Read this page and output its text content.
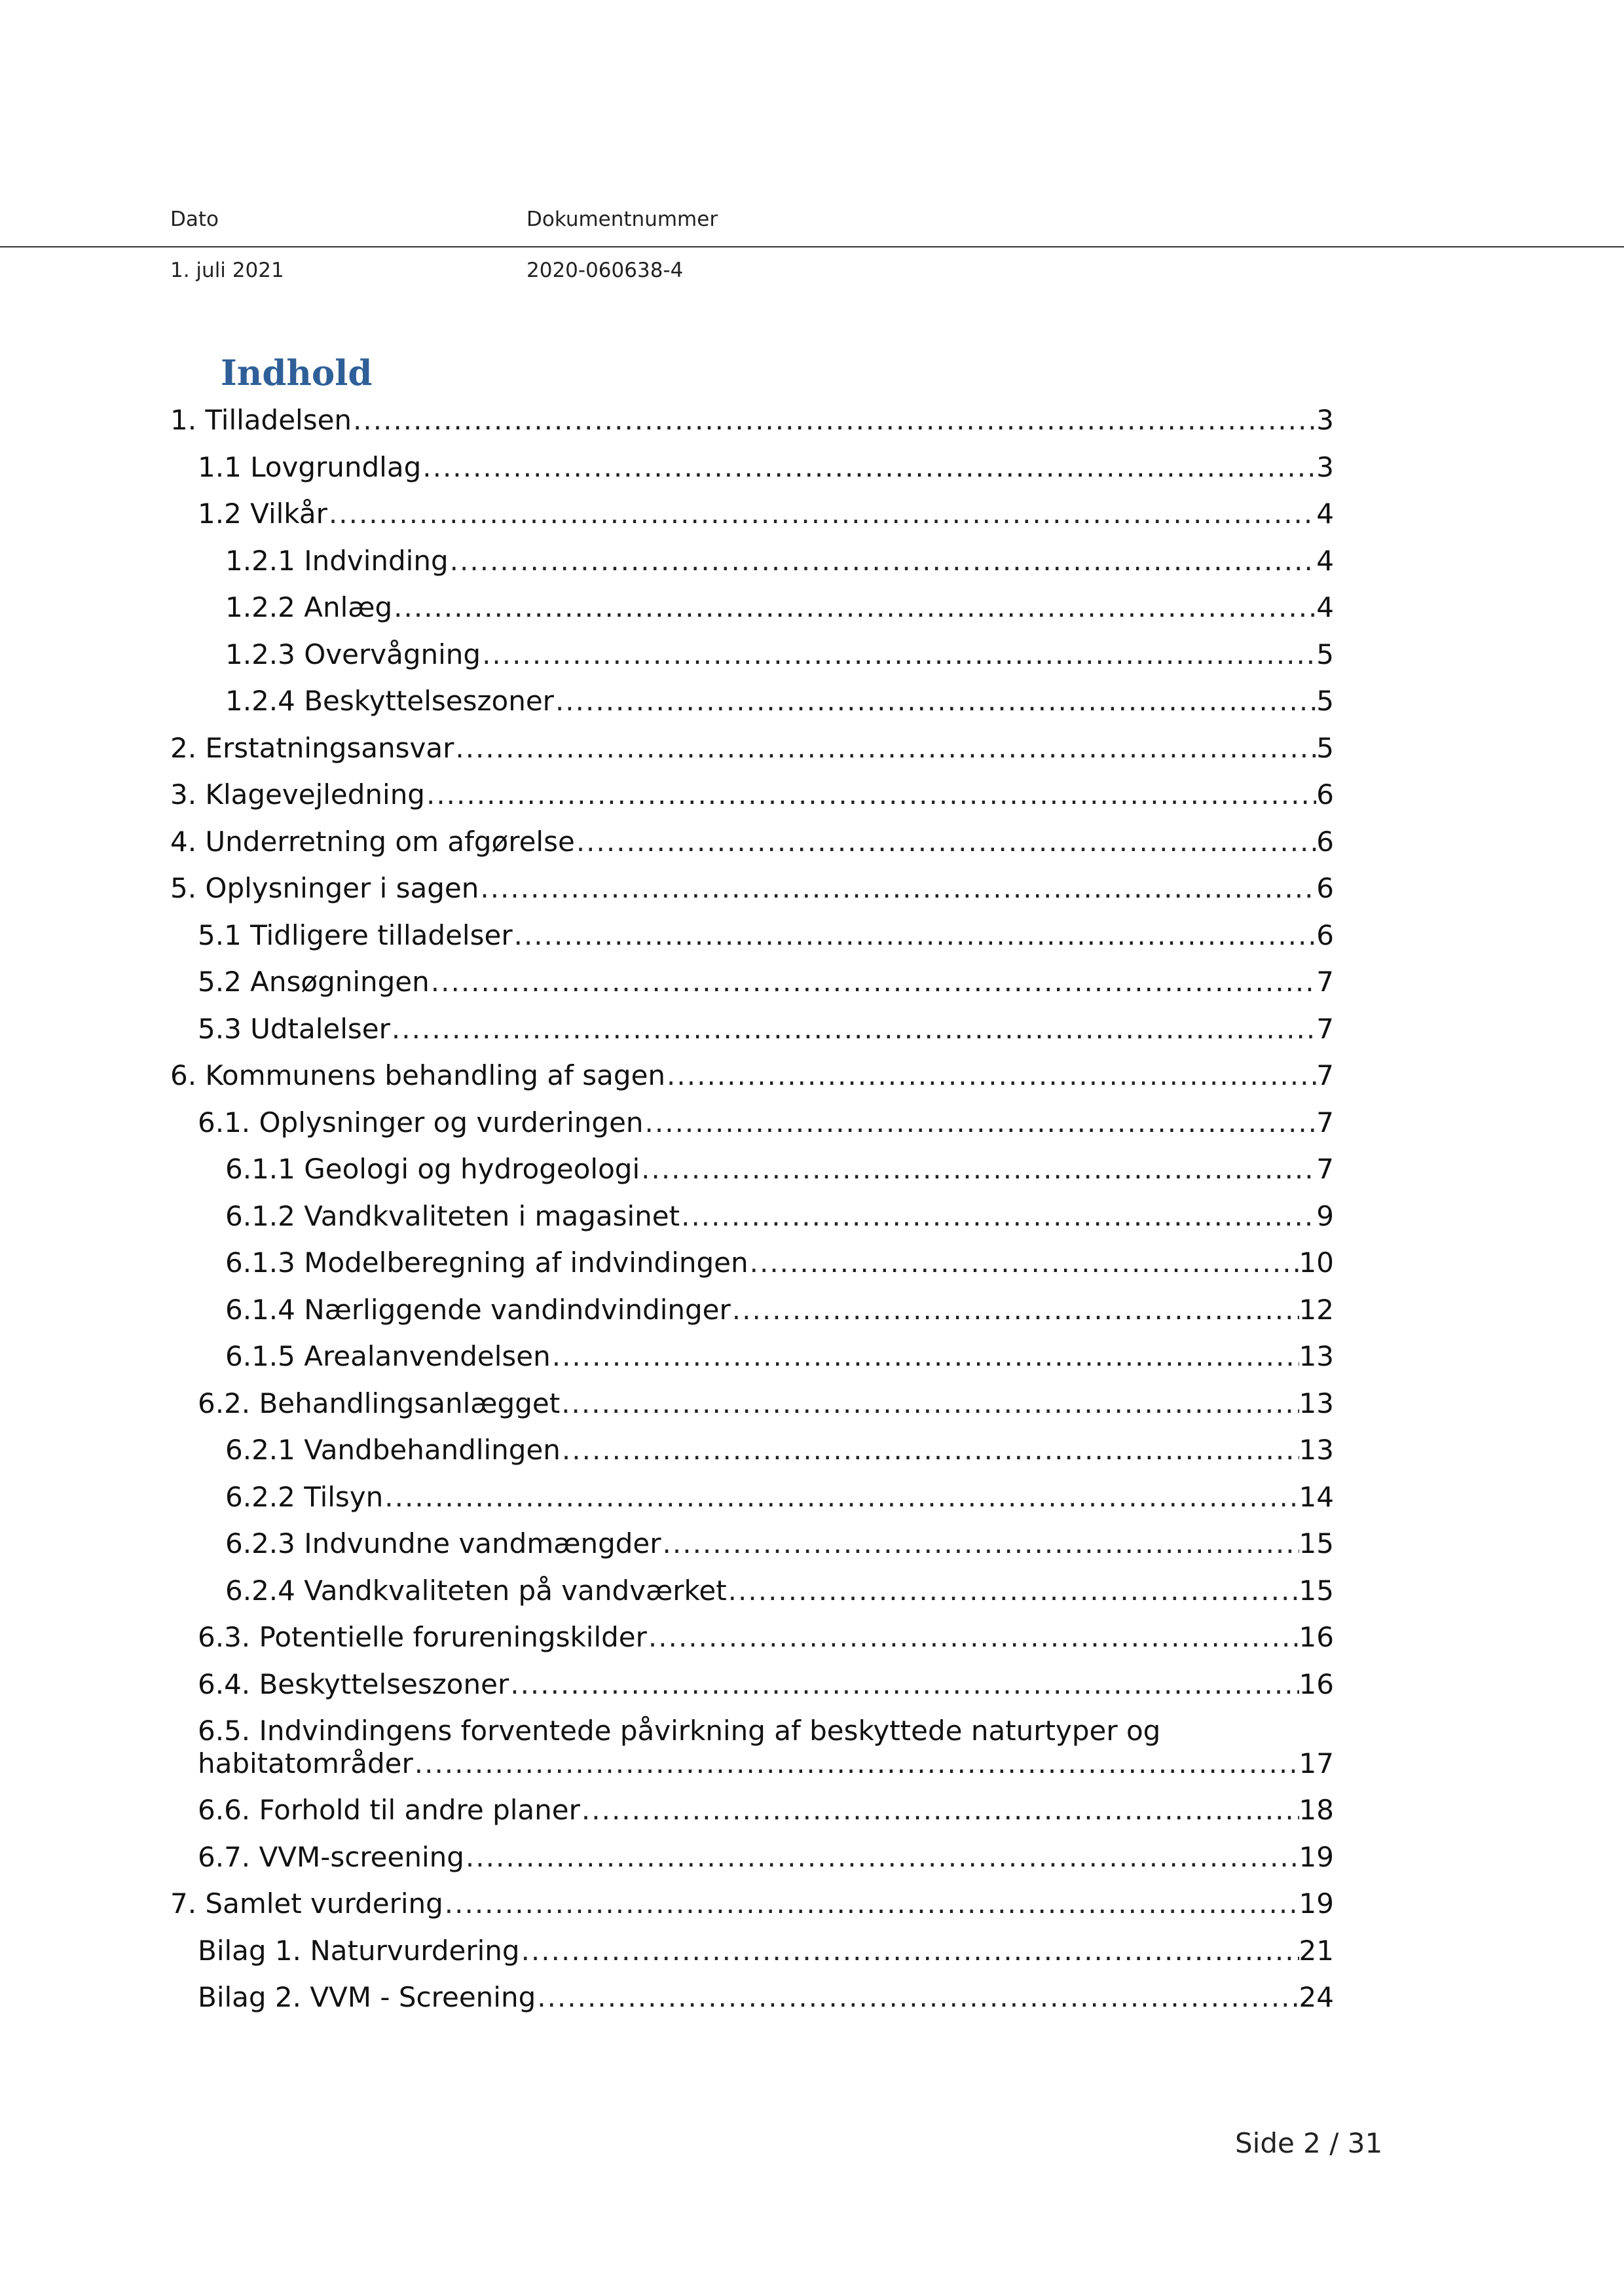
Dato	Dokumentnummer
1. juli 2021	2020-060638-4
Indhold
1. Tilladelsen .....	3
1.1 Lovgrundlag .....	3
1.2 Vilkår .....	4
1.2.1 Indvinding .....	4
1.2.2 Anlæg .....	4
1.2.3 Overvågning .....	5
1.2.4 Beskyttelseszoner .....	5
2. Erstatningsansvar .....	5
3. Klagevejledning .....	6
4. Underretning om afgørelse .....	6
5. Oplysninger i sagen .....	6
5.1 Tidligere tilladelser .....	6
5.2 Ansøgningen .....	7
5.3 Udtalelser .....	7
6. Kommunens behandling af sagen .....	7
6.1. Oplysninger og vurderingen .....	7
6.1.1 Geologi og hydrogeologi .....	7
6.1.2 Vandkvaliteten i magasinet .....	9
6.1.3 Modelberegning af indvindingen .....	10
6.1.4 Nærliggende vandindvindinger .....	12
6.1.5 Arealanvendelsen .....	13
6.2. Behandlingsanlægget .....	13
6.2.1 Vandbehandlingen .....	13
6.2.2 Tilsyn .....	14
6.2.3 Indvundne vandmængder .....	15
6.2.4 Vandkvaliteten på vandværket .....	15
6.3. Potentielle forureningskilder .....	16
6.4. Beskyttelseszoner .....	16
6.5. Indvindingens forventede påvirkning af beskyttede naturtyper og
habitatområder .....	17
6.6. Forhold til andre planer .....	18
6.7. VVM-screening .....	19
7. Samlet vurdering .....	19
Bilag 1. Naturvurdering .....	21
Bilag 2. VVM - Screening .....	24
Side 2 / 31
